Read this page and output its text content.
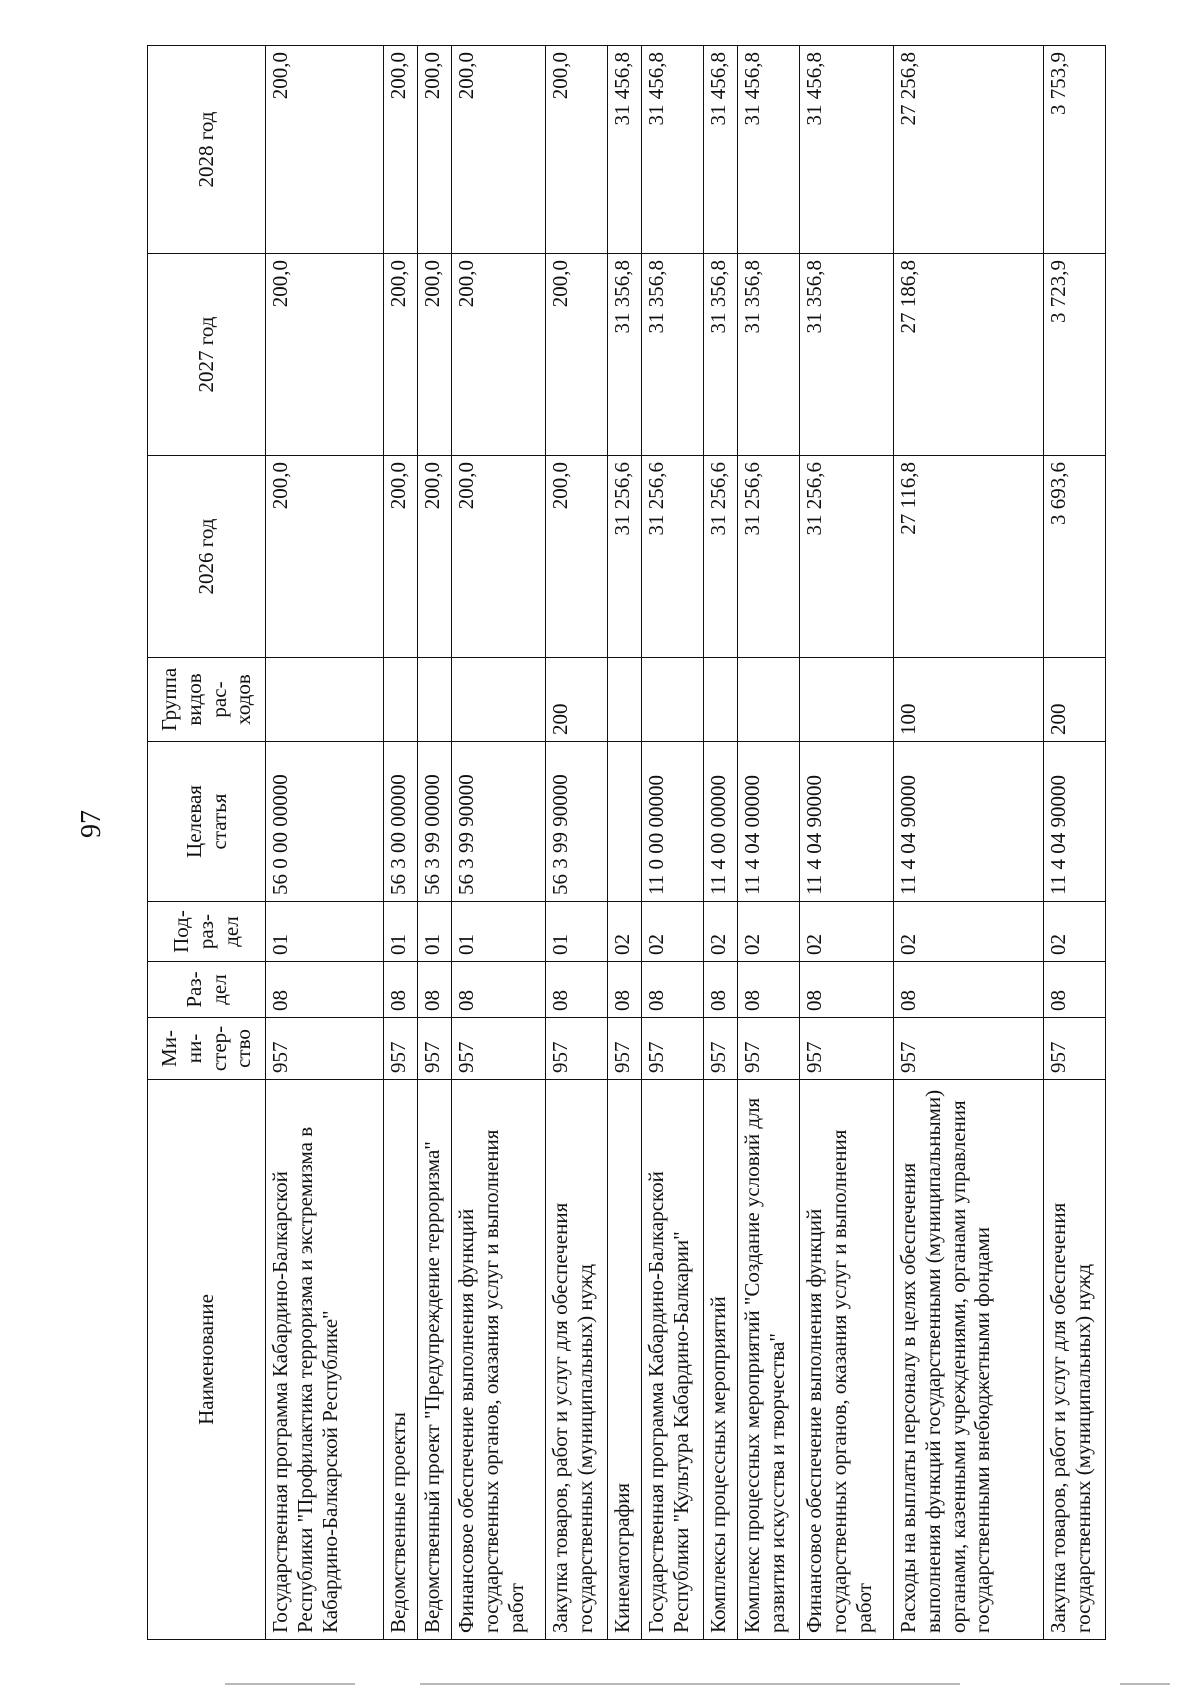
97
Наименование	Ми-
ни-
стер-
ство	Раз-
дел	Под-
раз-
дел	Целевая
статья	Группа
видов
рас-
ходов	2026 год	2027 год	2028 год
Государственная программа Кабардино-Балкарской Республики "Профилактика терроризма и экстремизма в Кабардино-Балкарской Республике"	957	08	01	56 0 00 00000		200,0	200,0	200,0
Ведомственные проекты	957	08	01	56 3 00 00000		200,0	200,0	200,0
Ведомственный проект "Предупреждение терроризма"	957	08	01	56 3 99 00000		200,0	200,0	200,0
Финансовое обеспечение выполнения функций государственных органов, оказания услуг и выполнения работ	957	08	01	56 3 99 90000		200,0	200,0	200,0
Закупка товаров, работ и услуг для обеспечения государственных (муниципальных) нужд	957	08	01	56 3 99 90000	200	200,0	200,0	200,0
Кинематография	957	08	02			31 256,6	31 356,8	31 456,8
Государственная программа Кабардино-Балкарской Республики "Культура Кабардино-Балкарии"	957	08	02	11 0 00 00000		31 256,6	31 356,8	31 456,8
Комплексы процессных мероприятий	957	08	02	11 4 00 00000		31 256,6	31 356,8	31 456,8
Комплекс процессных мероприятий "Создание условий для развития искусства и творчества"	957	08	02	11 4 04 00000		31 256,6	31 356,8	31 456,8
Финансовое обеспечение выполнения функций государственных органов, оказания услуг и выполнения работ	957	08	02	11 4 04 90000		31 256,6	31 356,8	31 456,8
Расходы на выплаты персоналу в целях обеспечения выполнения функций государственными (муниципальными) органами, казенными учреждениями, органами управления государственными внебюджетными фондами	957	08	02	11 4 04 90000	100	27 116,8	27 186,8	27 256,8
Закупка товаров, работ и услуг для обеспечения государственных (муниципальных) нужд	957	08	02	11 4 04 90000	200	3 693,6	3 723,9	3 753,9
